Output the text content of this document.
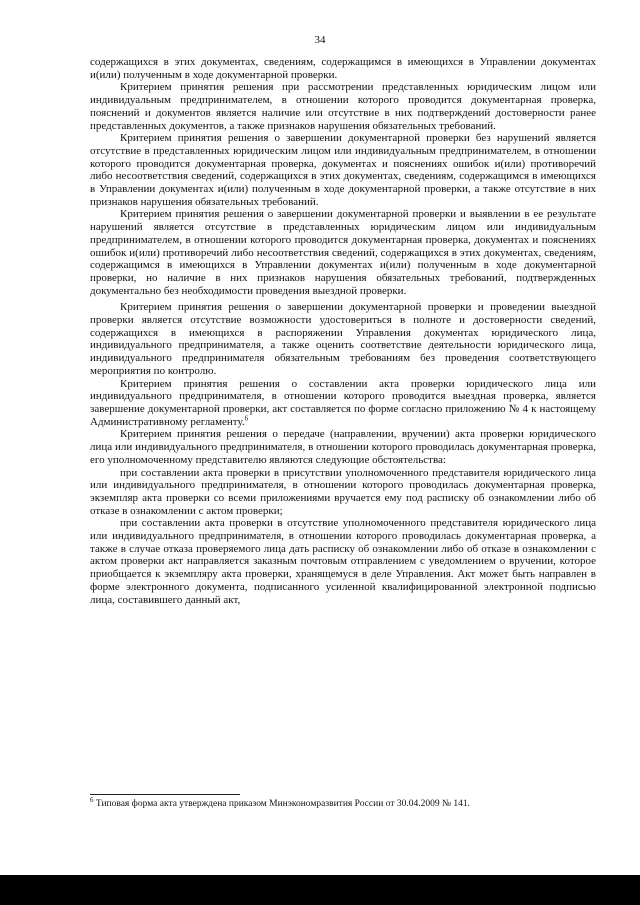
34

содержащихся в этих документах, сведениям, содержащимся в имеющихся в Управлении документах и(или) полученным в ходе документарной проверки.

Критерием принятия решения при рассмотрении представленных юридическим лицом или индивидуальным предпринимателем, в отношении которого проводится документарная проверка, пояснений и документов является наличие или отсутствие в них подтверждений достоверности ранее представленных документов, а также признаков нарушения обязательных требований.

Критерием принятия решения о завершении документарной проверки без нарушений является отсутствие в представленных юридическим лицом или индивидуальным предпринимателем, в отношении которого проводится документарная проверка, документах и пояснениях ошибок и(или) противоречий либо несоответствия сведений, содержащихся в этих документах, сведениям, содержащимся в имеющихся в Управлении документах и(или) полученным в ходе документарной проверки, а также отсутствие в них признаков нарушения обязательных требований.

Критерием принятия решения о завершении документарной проверки и выявлении в ее результате нарушений является отсутствие в представленных юридическим лицом или индивидуальным предпринимателем, в отношении которого проводится документарная проверка, документах и пояснениях ошибок и(или) противоречий либо несоответствия сведений, содержащихся в этих документах, сведениям, содержащимся в имеющихся в Управлении документах и(или) полученным в ходе документарной проверки, но наличие в них признаков нарушения обязательных требований, подтвержденных документально без необходимости проведения выездной проверки.

Критерием принятия решения о завершении документарной проверки и проведении выездной проверки является отсутствие возможности удостовериться в полноте и достоверности сведений, содержащихся в имеющихся в распоряжении Управления документах юридического лица, индивидуального предпринимателя, а также оценить соответствие деятельности юридического лица, индивидуального предпринимателя обязательным требованиям без проведения соответствующего мероприятия по контролю.

Критерием принятия решения о составлении акта проверки юридического лица или индивидуального предпринимателя, в отношении которого проводится выездная проверка, является завершение документарной проверки, акт составляется по форме согласно приложению № 4 к настоящему Административному регламенту.$^6$

Критерием принятия решения о передаче (направлении, вручении) акта проверки юридического лица или индивидуального предпринимателя, в отношении которого проводилась документарная проверка, его уполномоченному представителю являются следующие обстоятельства:

при составлении акта проверки в присутствии уполномоченного представителя юридического лица или индивидуального предпринимателя, в отношении которого проводилась документарная проверка, экземпляр акта проверки со всеми приложениями вручается ему под расписку об ознакомлении либо об отказе в ознакомлении с актом проверки;

при составлении акта проверки в отсутствие уполномоченного представителя юридического лица или индивидуального предпринимателя, в отношении которого проводилась документарная проверка, а также в случае отказа проверяемого лица дать расписку об ознакомлении либо об отказе в ознакомлении с актом проверки акт направляется заказным почтовым отправлением с уведомлением о вручении, которое приобщается к экземпляру акта проверки, хранящемуся в деле Управления. Акт может быть направлен в форме электронного документа, подписанного усиленной квалифицированной электронной подписью лица, составившего данный акт,

$^6$ Типовая форма акта утверждена приказом Минэкономразвития России от 30.04.2009 № 141.
